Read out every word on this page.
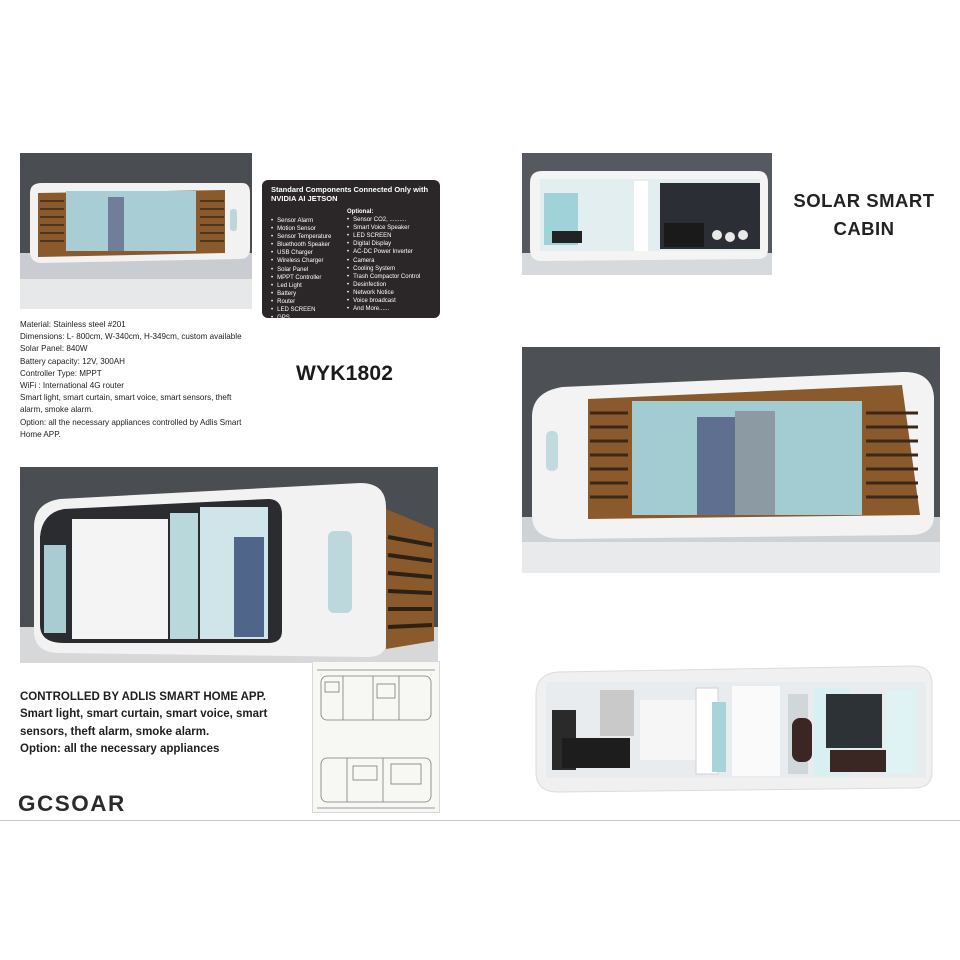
Standard Components Connected Only with NVIDIA AI JETSON
• Sensor Alarm
• Motion Sensor
• Sensor Temperature
• Bluethooth Speaker
• USB Charger
• Wireless Charger
• Solar Panel
• MPPT Controller
• Led Light
• Battery
• Router
• LED SCREEN
• GPS
Optional:
• Sensor CO2, ..........
• Smart Voice Speaker
• LED SCREEN
• Digital Display
• AC-DC Power Inverter
• Camera
• Cooling System
• Trash Compactor Control
• Desinfection
• Network Notice
• Voice broadcast
• And More......
Material: Stainless steel #201
Dimensions: L- 800cm, W-340cm, H-349cm, custom available
Solar Panel: 840W
Battery capacity: 12V, 300AH
Controller Type: MPPT
WiFi : International 4G router
Smart light, smart curtain, smart voice, smart sensors, theft alarm, smoke alarm.
Option: all the necessary appliances controlled by Adlis Smart Home APP.
WYK1802
SOLAR SMART
CABIN
CONTROLLED BY ADLIS SMART HOME APP.
Smart light, smart curtain, smart voice, smart
sensors, theft alarm, smoke alarm.
Option: all the necessary appliances
GCSOAR
